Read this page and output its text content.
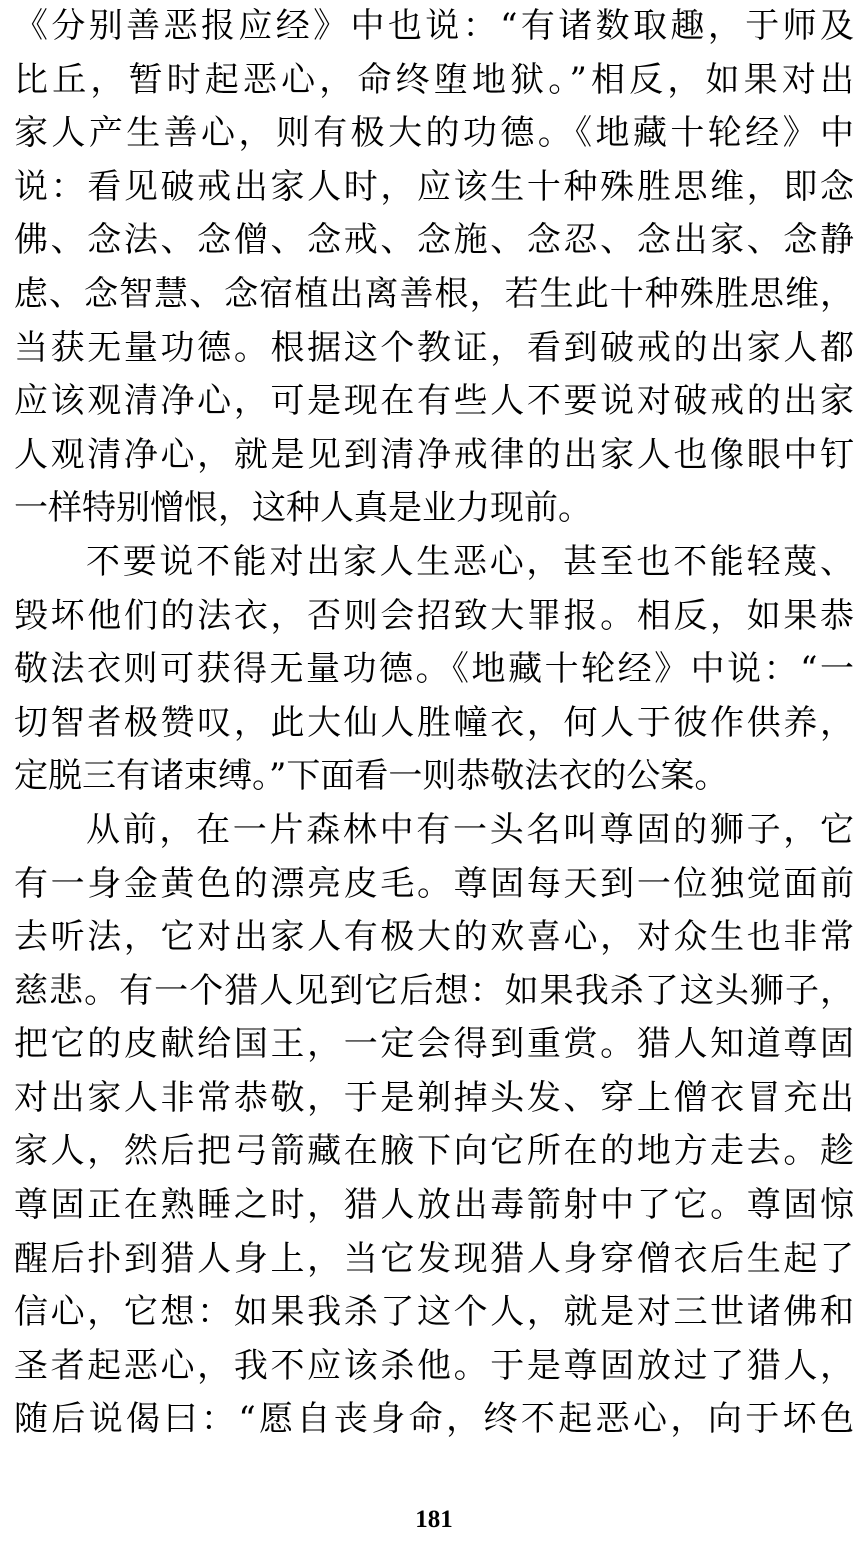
《分别善恶报应经》中也说：“有诸数取趣，于师及
比丘，暂时起恶心，命终堕地狱。”相反，如果对出
家人产生善心，则有极大的功德。《地藏十轮经》中
说：看见破戒出家人时，应该生十种殊胜思维，即念
佛、念法、念僧、念戒、念施、念忍、念出家、念静
虑、念智慧、念宿植出离善根，若生此十种殊胜思维，
当获无量功德。根据这个教证，看到破戒的出家人都
应该观清净心，可是现在有些人不要说对破戒的出家
人观清净心，就是见到清净戒律的出家人也像眼中钉
一样特别憎恨，这种人真是业力现前。
不要说不能对出家人生恶心，甚至也不能轻蔑、
毁坏他们的法衣，否则会招致大罪报。相反，如果恭
敬法衣则可获得无量功德。《地藏十轮经》中说：“一
切智者极赞叹，此大仙人胜幢衣，何人于彼作供养，
定脱三有诸束缚。”下面看一则恭敬法衣的公案。
从前，在一片森林中有一头名叫尊固的狮子，它
有一身金黄色的漂亮皮毛。尊固每天到一位独觉面前
去听法，它对出家人有极大的欢喜心，对众生也非常
慈悲。有一个猎人见到它后想：如果我杀了这头狮子，
把它的皮献给国王，一定会得到重赏。猎人知道尊固
对出家人非常恭敬，于是剃掉头发、穿上僧衣冒充出
家人，然后把弓箭藏在腋下向它所在的地方走去。趁
尊固正在熟睡之时，猎人放出毒箭射中了它。尊固惊
醒后扑到猎人身上，当它发现猎人身穿僧衣后生起了
信心，它想：如果我杀了这个人，就是对三世诸佛和
圣者起恶心，我不应该杀他。于是尊固放过了猎人，
随后说偈曰：“愿自丧身命，终不起恶心，向于坏色
181
